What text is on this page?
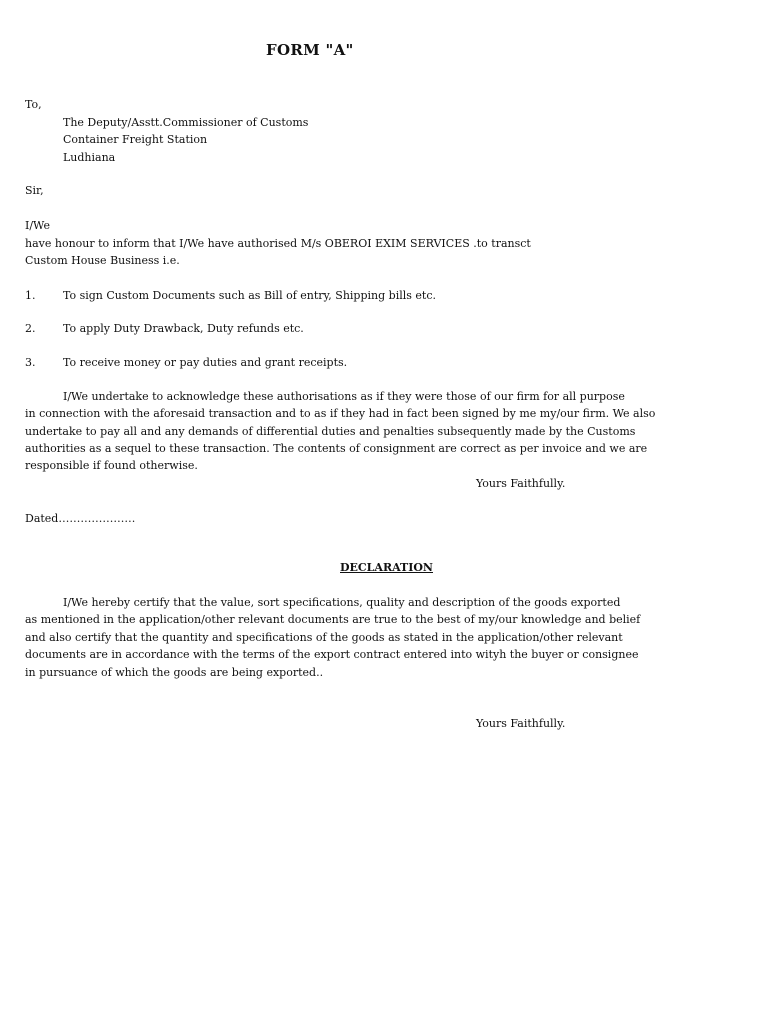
FORM "A"
To,
The Deputy/Asstt.Commissioner of Customs
Container Freight Station
Ludhiana
Sir,
I/We
have honour to inform that I/We have authorised M/s OBEROI EXIM SERVICES .to transct
Custom House Business i.e.
1.	To sign Custom Documents such as Bill of entry, Shipping bills etc.
2.	To apply Duty Drawback, Duty refunds etc.
3.	To receive money or pay duties and grant receipts.
I/We undertake to acknowledge these authorisations as if they were those of our firm for all purpose
in connection with the aforesaid transaction and to as if they had in fact been signed by me my/our firm. We also
undertake to pay all and any demands of differential duties and penalties subsequently made by the Customs
authorities as a sequel to these transaction. The contents of consignment are correct as per invoice and we are
responsible if found otherwise.
Yours Faithfully.
Dated…………………
DECLARATION
I/We hereby certify that the value, sort specifications, quality and description of the goods exported
as mentioned in the application/other relevant documents are true to the best of my/our knowledge and belief
and also certify that the quantity and specifications of the goods as stated in the application/other relevant
documents are in accordance with the terms of the export contract entered into wityh the buyer or consignee
in pursuance of which the goods are being exported..
Yours Faithfully.
